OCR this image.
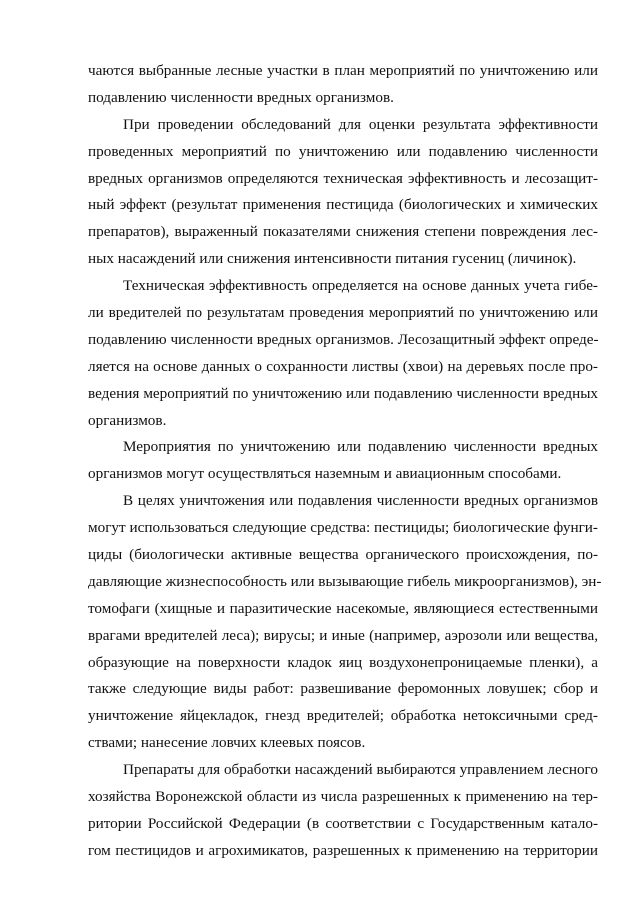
чаются выбранные лесные участки в план мероприятий по уничтожению или
подавлению численности вредных организмов.
При проведении обследований для оценки результата эффективности
проведенных мероприятий по уничтожению или подавлению численности
вредных организмов определяются техническая эффективность и лесозащит-
ный эффект (результат применения пестицида (биологических и химических
препаратов), выраженный показателями снижения степени повреждения лес-
ных насаждений или снижения интенсивности питания гусениц (личинок).
Техническая эффективность определяется на основе данных учета гибе-
ли вредителей по результатам проведения мероприятий по уничтожению или
подавлению численности вредных организмов. Лесозащитный эффект опреде-
ляется на основе данных о сохранности листвы (хвои) на деревьях после про-
ведения мероприятий по уничтожению или подавлению численности вредных
организмов.
Мероприятия по уничтожению или подавлению численности вредных
организмов могут осуществляться наземным и авиационным способами.
В целях уничтожения или подавления численности вредных организмов
могут использоваться следующие средства: пестициды; биологические фунги-
циды (биологически активные вещества органического происхождения, по-
давляющие жизнеспособность или вызывающие гибель микроорганизмов), эн-
томофаги (хищные и паразитические насекомые, являющиеся естественными
врагами вредителей леса); вирусы; и иные (например, аэрозоли или вещества,
образующие на поверхности кладок яиц воздухонепроницаемые пленки), а
также следующие виды работ: развешивание феромонных ловушек; сбор и
уничтожение яйцекладок, гнезд вредителей; обработка нетоксичными сред-
ствами; нанесение ловчих клеевых поясов.
Препараты для обработки насаждений выбираются управлением лесного
хозяйства Воронежской области из числа разрешенных к применению на тер-
ритории Российской Федерации (в соответствии с Государственным катало-
гом пестицидов и агрохимикатов, разрешенных к применению на территории
